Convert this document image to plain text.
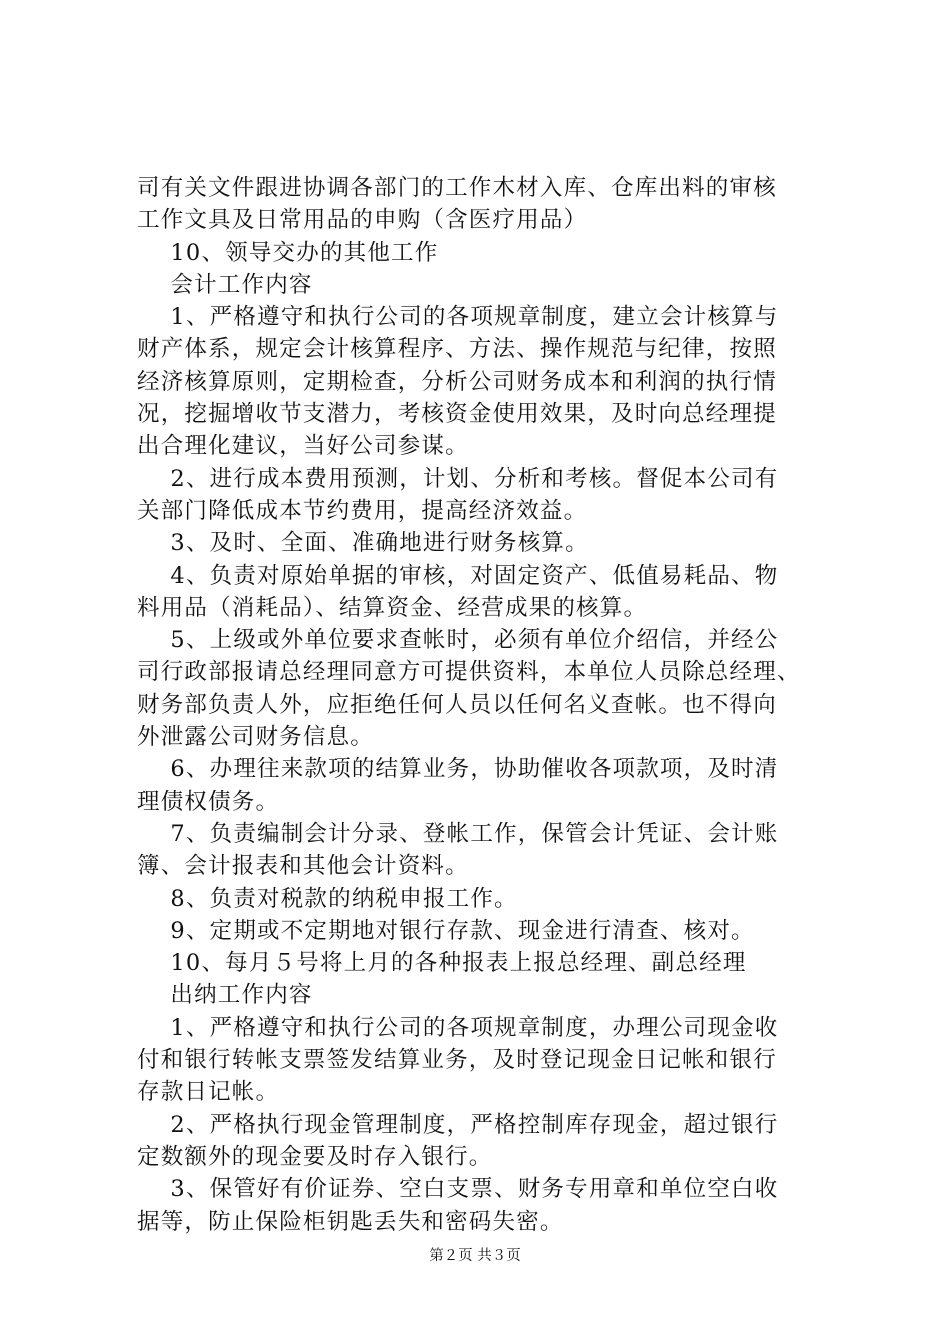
司有关文件跟进协调各部门的工作木材入库、仓库出料的审核
工作文具及日常用品的申购（含医疗用品）
10、领导交办的其他工作
会计工作内容
1、严格遵守和执行公司的各项规章制度，建立会计核算与
财产体系，规定会计核算程序、方法、操作规范与纪律，按照
经济核算原则，定期检查，分析公司财务成本和利润的执行情
况，挖掘增收节支潜力，考核资金使用效果，及时向总经理提
出合理化建议，当好公司参谋。
2、进行成本费用预测，计划、分析和考核。督促本公司有
关部门降低成本节约费用，提高经济效益。
3、及时、全面、准确地进行财务核算。
4、负责对原始单据的审核，对固定资产、低值易耗品、物
料用品（消耗品）、结算资金、经营成果的核算。
5、上级或外单位要求查帐时，必须有单位介绍信，并经公
司行政部报请总经理同意方可提供资料，本单位人员除总经理、
财务部负责人外，应拒绝任何人员以任何名义查帐。也不得向
外泄露公司财务信息。
6、办理往来款项的结算业务，协助催收各项款项，及时清
理债权债务。
7、负责编制会计分录、登帐工作，保管会计凭证、会计账
簿、会计报表和其他会计资料。
8、负责对税款的纳税申报工作。
9、定期或不定期地对银行存款、现金进行清查、核对。
10、每月５号将上月的各种报表上报总经理、副总经理
出纳工作内容
1、严格遵守和执行公司的各项规章制度，办理公司现金收
付和银行转帐支票签发结算业务，及时登记现金日记帐和银行
存款日记帐。
2、严格执行现金管理制度，严格控制库存现金，超过银行
定数额外的现金要及时存入银行。
3、保管好有价证券、空白支票、财务专用章和单位空白收
据等，防止保险柜钥匙丢失和密码失密。
第２页 共３页
